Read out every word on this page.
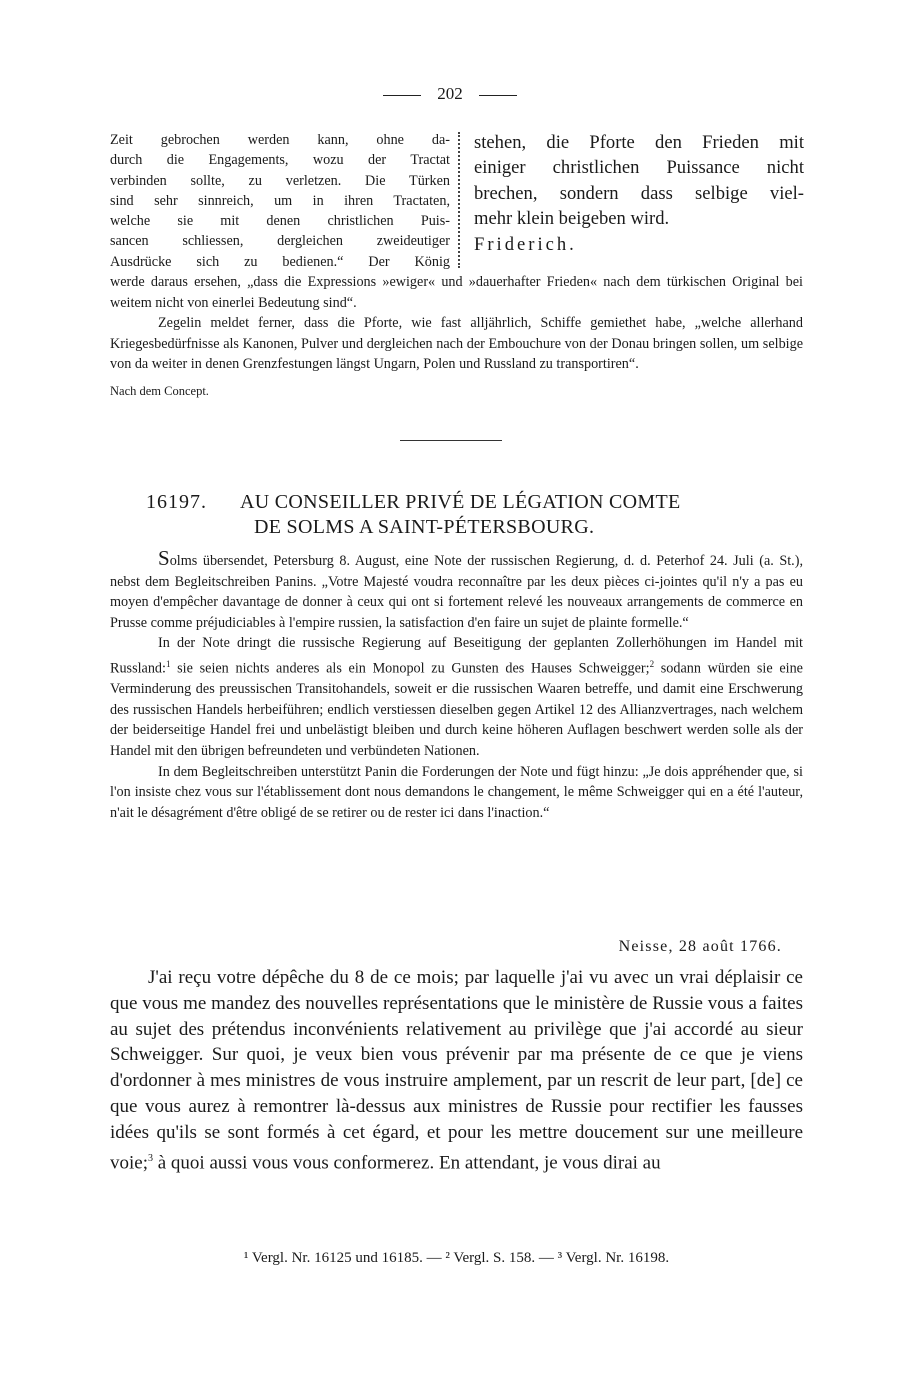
202

Zeit gebrochen werden kann, ohne da-

durch die Engagements, wozu der Tractat

verbinden sollte, zu verletzen. Die Türken

sind sehr sinnreich, um in ihren Tractaten,

welche sie mit denen christlichen Puis-

sancen schliessen, dergleichen zweideutiger

Ausdrücke sich zu bedienen.“ Der König

stehen, die Pforte den Frieden mit

einiger christlichen Puissance nicht

brechen, sondern dass selbige viel-

mehr klein beigeben wird.

Friderich.

werde daraus ersehen, „dass die Expressions »ewiger« und »dauerhafter Frieden« nach dem türkischen Original bei weitem nicht von einerlei Bedeutung sind“.

Zegelin meldet ferner, dass die Pforte, wie fast alljährlich, Schiffe gemiethet habe, „welche allerhand Kriegesbedürfnisse als Kanonen, Pulver und dergleichen nach der Embouchure von der Donau bringen sollen, um selbige von da weiter in denen Grenzfestungen längst Ungarn, Polen und Russland zu transportiren“.

Nach dem Concept.

16197. AU CONSEILLER PRIVÉ DE LÉGATION COMTE
DE SOLMS A SAINT-PÉTERSBOURG.

Solms übersendet, Petersburg 8. August, eine Note der russischen Regierung, d. d. Peterhof 24. Juli (a. St.), nebst dem Begleitschreiben Panins. „Votre Majesté voudra reconnaître par les deux pièces ci-jointes qu'il n'y a pas eu moyen d'empêcher davantage de donner à ceux qui ont si fortement relevé les nouveaux arrangements de commerce en Prusse comme préjudiciables à l'empire russien, la satisfaction d'en faire un sujet de plainte formelle.“

In der Note dringt die russische Regierung auf Beseitigung der geplanten Zollerhöhungen im Handel mit Russland:$^1$ sie seien nichts anderes als ein Monopol zu Gunsten des Hauses Schweigger;$^2$ sodann würden sie eine Verminderung des preussischen Transitohandels, soweit er die russischen Waaren betreffe, und damit eine Erschwerung des russischen Handels herbeiführen; endlich verstiessen dieselben gegen Artikel 12 des Allianzvertrages, nach welchem der beiderseitige Handel frei und unbelästigt bleiben und durch keine höheren Auflagen beschwert werden solle als der Handel mit den übrigen befreundeten und verbündeten Nationen.

In dem Begleitschreiben unterstützt Panin die Forderungen der Note und fügt hinzu: „Je dois appréhender que, si l'on insiste chez vous sur l'établissement dont nous demandons le changement, le même Schweigger qui en a été l'auteur, n'ait le désagrément d'être obligé de se retirer ou de rester ici dans l'inaction.“

Neisse, 28 août 1766.

J'ai reçu votre dépêche du 8 de ce mois; par laquelle j'ai vu avec un vrai déplaisir ce que vous me mandez des nouvelles représentations que le ministère de Russie vous a faites au sujet des prétendus inconvénients relativement au privilège que j'ai accordé au sieur Schweigger. Sur quoi, je veux bien vous prévenir par ma présente de ce que je viens d'ordonner à mes ministres de vous instruire amplement, par un rescrit de leur part, [de] ce que vous aurez à remontrer là-dessus aux ministres de Russie pour rectifier les fausses idées qu'ils se sont formés à cet égard, et pour les mettre doucement sur une meilleure voie;$^3$ à quoi aussi vous vous conformerez. En attendant, je vous dirai au

¹ Vergl. Nr. 16125 und 16185. — ² Vergl. S. 158. — ³ Vergl. Nr. 16198.
